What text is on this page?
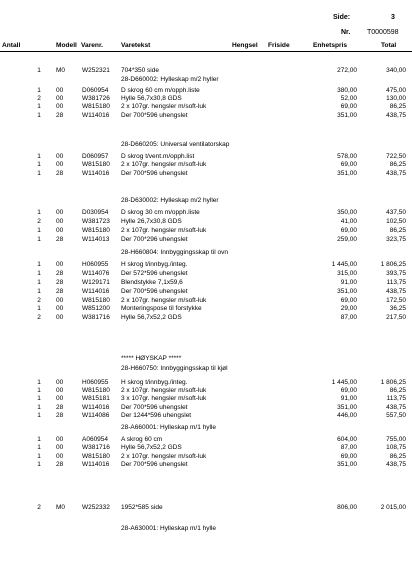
Side:	3
Nr. T0000598
Antall	Modell Varenr.	Varetekst	Hengsel Friside	Enhetspris	Total
1	M0	W252321 704*350 side	272,00	340,00
28-D660002: Hylleskap m/2 hyller
1	00	D060954 D skrog 60 cm m/opph.liste	380,00	475,00
2	00	W381726 Hylle 56,7x30,8 GDS	52,00	130,00
1	00	W815180 2 x 107gr. hengsler m/soft-luk	69,00	86,25
1	28	W114016 Der 700*596 uhengslet	351,00	438,75
28-D660205: Universal ventilatorskap
1	00	D060957 D skrog t/vent.m/opph.list	578,00	722,50
1	00	W815180 2 x 107gr. hengsler m/soft-luk	69,00	86,25
1	28	W114016 Der 700*596 uhengslet	351,00	438,75
28-D630002: Hylleskap m/2 hyller
1	00	D030954 D skrog 30 cm m/opph.liste	350,00	437,50
2	00	W381723 Hylle 26,7x30,8 GDS	41,00	102,50
1	00	W815180 2 x 107gr. hengsler m/soft-luk	69,00	86,25
1	28	W114013 Der 700*296 uhengslet	259,00	323,75
28-H660804: Innbyggingsskap til ovn
1	00	H060955 H skrog t/innbyg./integ.	1 445,00	1 806,25
1	28	W114076 Der 572*596 uhengslet	315,00	393,75
1	28	W129171 Blendstykke 7,1x59,6	91,00	113,75
1	28	W114016 Der 700*596 uhengslet	351,00	438,75
2	00	W815180 2 x 107gr. hengsler m/soft-luk	69,00	172,50
1	00	W851200 Monteringspose til forstykke	29,00	36,25
2	00	W381716 Hylle 56,7x52,2 GDS	87,00	217,50
***** HØYSKAP *****
28-H660750: Innbyggingsskap til kjøl
1	00	H060955 H skrog t/innbyg./integ.	1 445,00	1 806,25
1	00	W815180 2 x 107gr. hengsler m/soft-luk	69,00	86,25
1	00	W815181 3 x 107gr. hengsler m/soft-luk	91,00	113,75
1	28	W114016 Der 700*596 uhengslet	351,00	438,75
1	28	W114086 Der 1244*596 uhengslet	446,00	557,50
28-A660001: Hylleskap m/1 hylle
1	00	A060954 A skrog 60 cm	604,00	755,00
1	00	W381716 Hylle 56,7x52,2 GDS	87,00	108,75
1	00	W815180 2 x 107gr. hengsler m/soft-luk	69,00	86,25
1	28	W114016 Der 700*596 uhengslet	351,00	438,75
2	M0	W252332 1952*585 side	806,00	2 015,00
28-A630001: Hylleskap m/1 hylle
